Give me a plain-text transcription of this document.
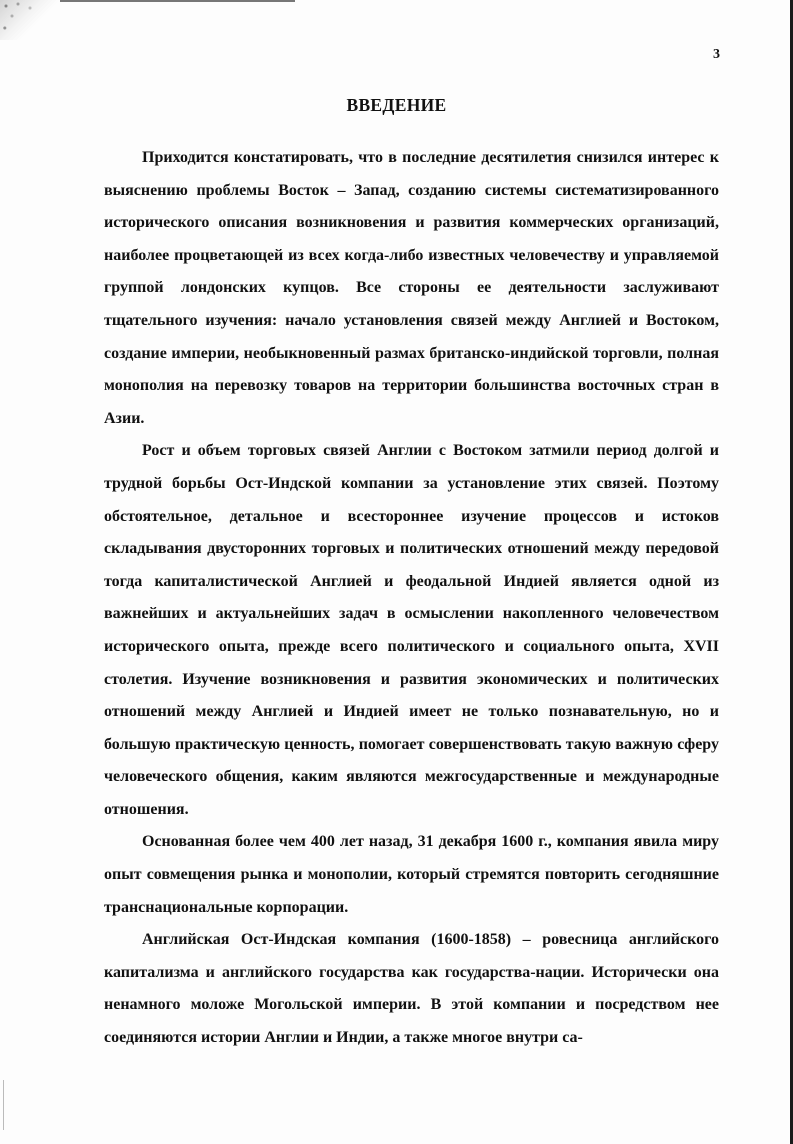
3
ВВЕДЕНИЕ

Приходится констатировать, что в последние десятилетия снизился интерес к выяснению проблемы Восток – Запад, созданию системы систематизированного исторического описания возникновения и развития коммерческих организаций, наиболее процветающей из всех когда-либо известных человечеству и управляемой группой лондонских купцов. Все стороны ее деятельности заслуживают тщательного изучения: начало установления связей между Англией и Востоком, создание империи, необыкновенный размах британско-индийской торговли, полная монополия на перевозку товаров на территории большинства восточных стран в Азии.

Рост и объем торговых связей Англии с Востоком затмили период долгой и трудной борьбы Ост-Индской компании за установление этих связей. Поэтому обстоятельное, детальное и всестороннее изучение процессов и истоков складывания двусторонних торговых и политических отношений между передовой тогда капиталистической Англией и феодальной Индией является одной из важнейших и актуальнейших задач в осмыслении накопленного человечеством исторического опыта, прежде всего политического и социального опыта, XVII столетия. Изучение возникновения и развития экономических и политических отношений между Англией и Индией имеет не только познавательную, но и большую практическую ценность, помогает совершенствовать такую важную сферу человеческого общения, каким являются межгосударственные и международные отношения.

Основанная более чем 400 лет назад, 31 декабря 1600 г., компания явила миру опыт совмещения рынка и монополии, который стремятся повторить сегодняшние транснациональные корпорации.

Английская Ост-Индская компания (1600-1858) – ровесница английского капитализма и английского государства как государства-нации. Исторически она ненамного моложе Могольской империи. В этой компании и посредством нее соединяются истории Англии и Индии, а также многое внутри са-
